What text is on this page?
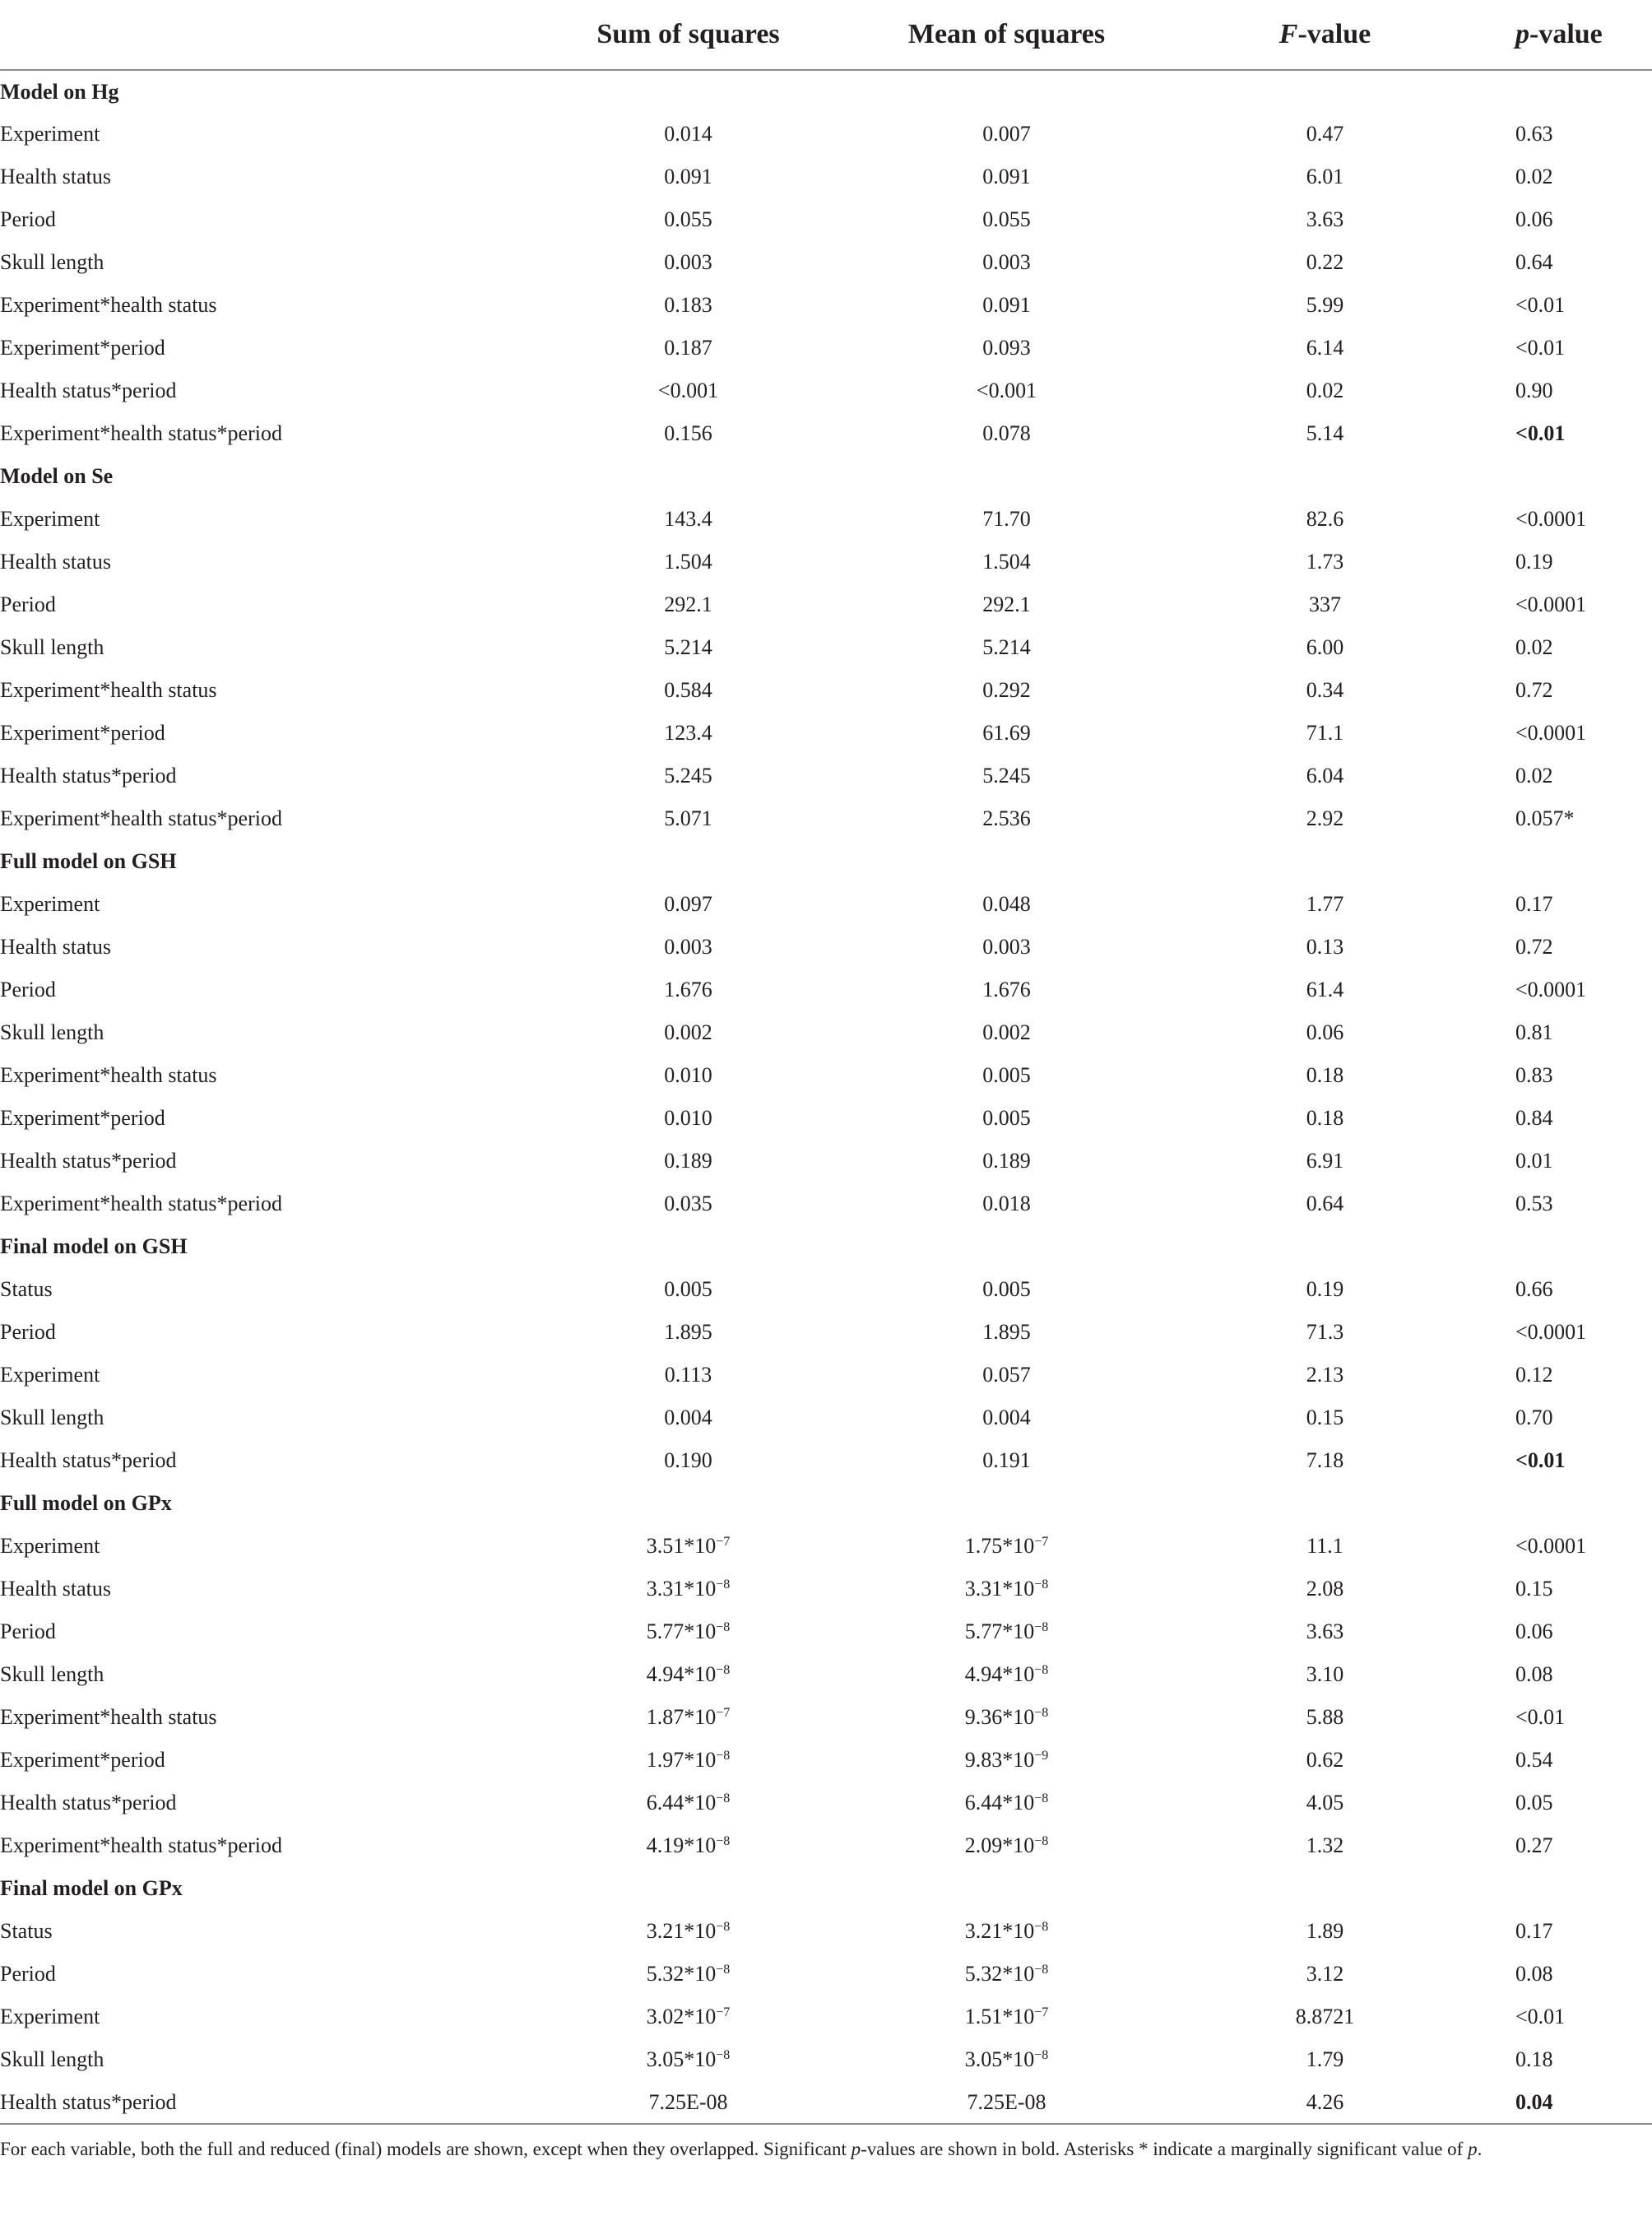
	Sum of squares	Mean of squares	F-value	p-value
Model on Hg				
Experiment	0.014	0.007	0.47	0.63
Health status	0.091	0.091	6.01	0.02
Period	0.055	0.055	3.63	0.06
Skull length	0.003	0.003	0.22	0.64
Experiment*health status	0.183	0.091	5.99	<0.01
Experiment*period	0.187	0.093	6.14	<0.01
Health status*period	<0.001	<0.001	0.02	0.90
Experiment*health status*period	0.156	0.078	5.14	<0.01
Model on Se				
Experiment	143.4	71.70	82.6	<0.0001
Health status	1.504	1.504	1.73	0.19
Period	292.1	292.1	337	<0.0001
Skull length	5.214	5.214	6.00	0.02
Experiment*health status	0.584	0.292	0.34	0.72
Experiment*period	123.4	61.69	71.1	<0.0001
Health status*period	5.245	5.245	6.04	0.02
Experiment*health status*period	5.071	2.536	2.92	0.057*
Full model on GSH				
Experiment	0.097	0.048	1.77	0.17
Health status	0.003	0.003	0.13	0.72
Period	1.676	1.676	61.4	<0.0001
Skull length	0.002	0.002	0.06	0.81
Experiment*health status	0.010	0.005	0.18	0.83
Experiment*period	0.010	0.005	0.18	0.84
Health status*period	0.189	0.189	6.91	0.01
Experiment*health status*period	0.035	0.018	0.64	0.53
Final model on GSH				
Status	0.005	0.005	0.19	0.66
Period	1.895	1.895	71.3	<0.0001
Experiment	0.113	0.057	2.13	0.12
Skull length	0.004	0.004	0.15	0.70
Health status*period	0.190	0.191	7.18	<0.01
Full model on GPx				
Experiment	$3.51*10^{-7}$	$1.75*10^{-7}$	11.1	<0.0001
Health status	$3.31*10^{-8}$	$3.31*10^{-8}$	2.08	0.15
Period	$5.77*10^{-8}$	$5.77*10^{-8}$	3.63	0.06
Skull length	$4.94*10^{-8}$	$4.94*10^{-8}$	3.10	0.08
Experiment*health status	$1.87*10^{-7}$	$9.36*10^{-8}$	5.88	<0.01
Experiment*period	$1.97*10^{-8}$	$9.83*10^{-9}$	0.62	0.54
Health status*period	$6.44*10^{-8}$	$6.44*10^{-8}$	4.05	0.05
Experiment*health status*period	$4.19*10^{-8}$	$2.09*10^{-8}$	1.32	0.27
Final model on GPx				
Status	$3.21*10^{-8}$	$3.21*10^{-8}$	1.89	0.17
Period	$5.32*10^{-8}$	$5.32*10^{-8}$	3.12	0.08
Experiment	$3.02*10^{-7}$	$1.51*10^{-7}$	8.8721	<0.01
Skull length	$3.05*10^{-8}$	$3.05*10^{-8}$	1.79	0.18
Health status*period	7.25E-08	7.25E-08	4.26	0.04
For each variable, both the full and reduced (final) models are shown, except when they overlapped. Significant p-values are shown in bold. Asterisks * indicate a marginally significant value of p.				
